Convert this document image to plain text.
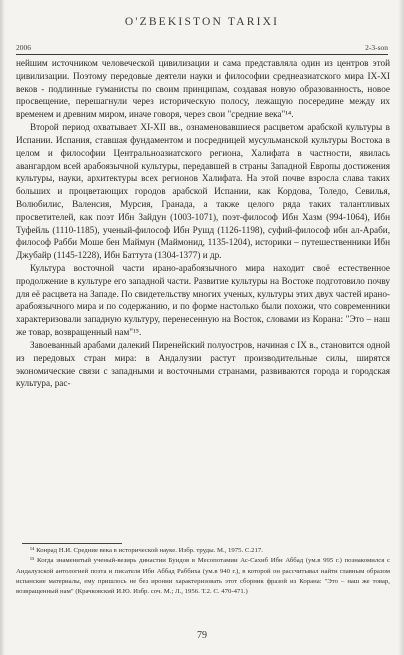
O'ZBEKISTON TARIXI
2006	2-3-son

нейшим источником человеческой цивилизации и сама представляла один из центров этой цивилизации. Поэтому передовые деятели науки и философии среднеазиатского мира IX-XI веков - подлинные гуманисты по своим принципам, создавая новую образованность, новое просвещение, перешагнули через историческую полосу, лежащую посередине между их временем и древним миром, иначе говоря, через свои "средние века"¹⁴.

Второй период охватывает XI-XII вв., ознаменовавшиеся расцветом арабской культуры в Испании. Испания, ставшая фундаментом и посредницей мусульманской культуры Востока в целом и философии Центральноазиатского региона, Халифата в частности, явилась авангардом всей арабоязычной культуры, передавшей в страны Западной Европы достижения культуры, науки, архитектуры всех регионов Халифата. На этой почве взросла слава таких больших и процветающих городов арабской Испании, как Кордова, Толедо, Севилья, Волюбилис, Валенсия, Мурсия, Гранада, а также целого ряда таких талантливых просветителей, как поэт Ибн Зайдун (1003-1071), поэт-философ Ибн Хазм (994-1064), Ибн Туфейль (1110-1185), ученый-философ Ибн Рушд (1126-1198), суфий-философ ибн ал-Араби, философ Рабби Моше бен Маймун (Маймонид, 1135-1204), историки – путешественники Ибн Джубайр (1145-1228), Ибн Баттута (1304-1377) и др.

Культура восточной части ирано-арабоязычного мира находит своё естественное продолжение в культуре его западной части. Развитие культуры на Востоке подготовило почву для её расцвета на Западе. По свидетельству многих ученых, культуры этих двух частей ирано-арабоязычного мира и по содержанию, и по форме настолько были похожи, что современники характеризовали западную культуру, перенесенную на Восток, словами из Корана: "Это – наш же товар, возвращенный нам"¹⁵.

Завоеванный арабами далекий Пиренейский полуостров, начиная с IX в., становится одной из передовых стран мира: в Андалузии растут производительные силы, ширятся экономические связи с западными и восточными странами, развиваются города и городская культура, рас-

¹⁴ Конрад Н.И. Средние века в исторической науке. Избр. труды. М., 1975. С.217.

¹⁵ Когда знаменитый ученый-везирь династии Буидов в Месопотамии Ас-Сахиб Ибн Аббад (ум.в 995 г.) познакомился с Андалузской антологией поэта и писателя Ибн Аббад Раббиха (ум.в 940 г.), в которой он рассчитывал найти главным образом испанские материалы, ему пришлось не без иронии характеризовать этот сборник фразой из Корана: "Это – наш же товар, возвращенный нам" (Крачковский И.Ю. Избр. соч. М.; Л., 1956. Т.2. С. 470-471.)

79
